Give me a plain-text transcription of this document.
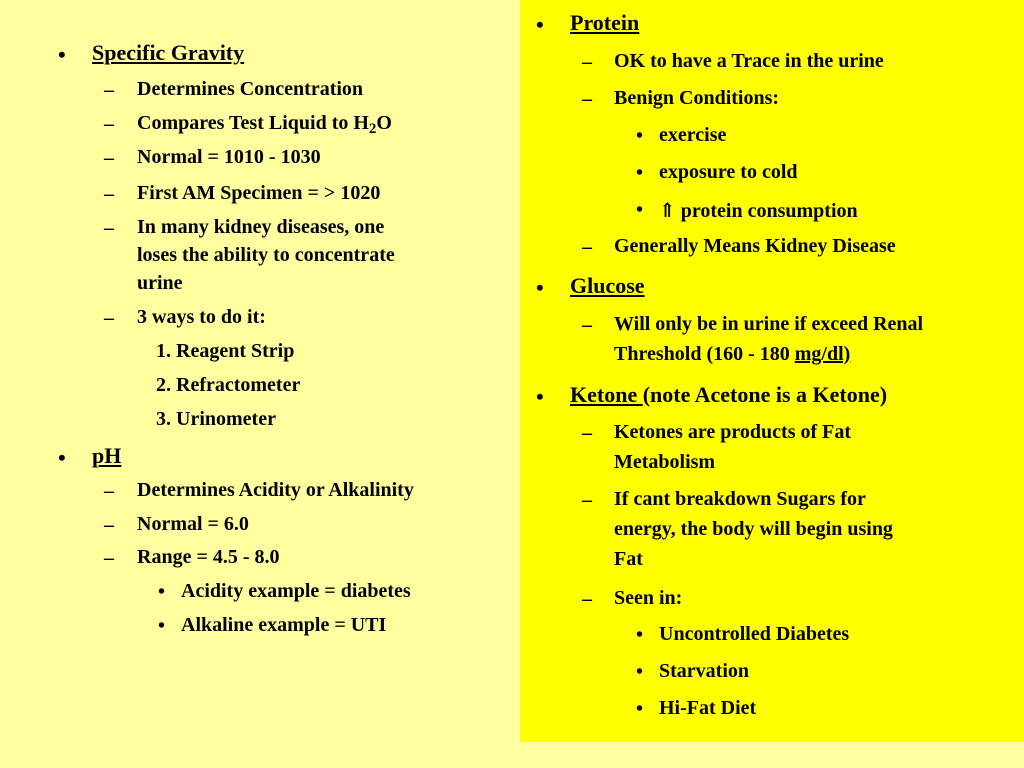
• Specific Gravity
– Determines Concentration
– Compares Test Liquid to $H_2O$
– Normal = 1010 - 1030
– First AM Specimen = > 1020
– In many kidney diseases, one
loses the ability to concentrate
urine
– 3 ways to do it:
1. Reagent Strip
2. Refractometer
3. Urinometer
• pH
– Determines Acidity or Alkalinity
– Normal = 6.0
– Range = 4.5 - 8.0
• Acidity example = diabetes
• Alkaline example = UTI
• Protein
– OK to have a Trace in the urine
– Benign Conditions:
• exercise
• exposure to cold
• ⇑ protein consumption
– Generally Means Kidney Disease
• Glucose
– Will only be in urine if exceed Renal
Threshold (160 - 180 mg/dl)
• Ketone (note Acetone is a Ketone)
– Ketones are products of Fat
Metabolism
– If cant breakdown Sugars for
energy, the body will begin using
Fat
– Seen in:
• Uncontrolled Diabetes
• Starvation
• Hi-Fat Diet
